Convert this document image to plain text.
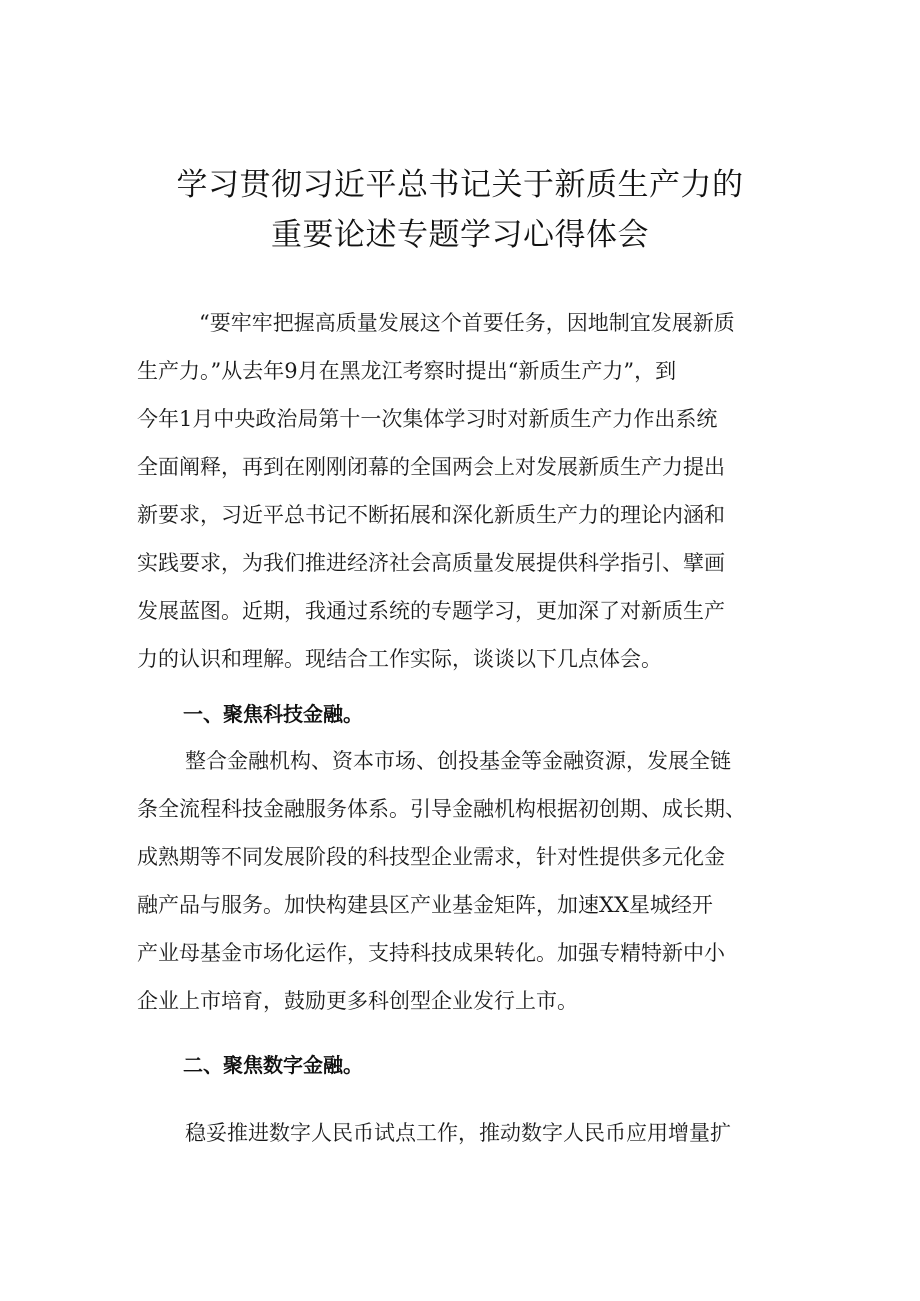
学习贯彻习近平总书记关于新质生产力的
重要论述专题学习心得体会
“要牢牢把握高质量发展这个首要任务，因地制宜发展新质
生产力。”从去年9月在黑龙江考察时提出“新质生产力”，到
今年1月中央政治局第十一次集体学习时对新质生产力作出系统
全面阐释，再到在刚刚闭幕的全国两会上对发展新质生产力提出
新要求，习近平总书记不断拓展和深化新质生产力的理论内涵和
实践要求，为我们推进经济社会高质量发展提供科学指引、擘画
发展蓝图。近期，我通过系统的专题学习，更加深了对新质生产
力的认识和理解。现结合工作实际，谈谈以下几点体会。
一、聚焦科技金融。
整合金融机构、资本市场、创投基金等金融资源，发展全链
条全流程科技金融服务体系。引导金融机构根据初创期、成长期、
成熟期等不同发展阶段的科技型企业需求，针对性提供多元化金
融产品与服务。加快构建县区产业基金矩阵，加速XX星城经开
产业母基金市场化运作，支持科技成果转化。加强专精特新中小
企业上市培育，鼓励更多科创型企业发行上市。
二、聚焦数字金融。
稳妥推进数字人民币试点工作，推动数字人民币应用增量扩
